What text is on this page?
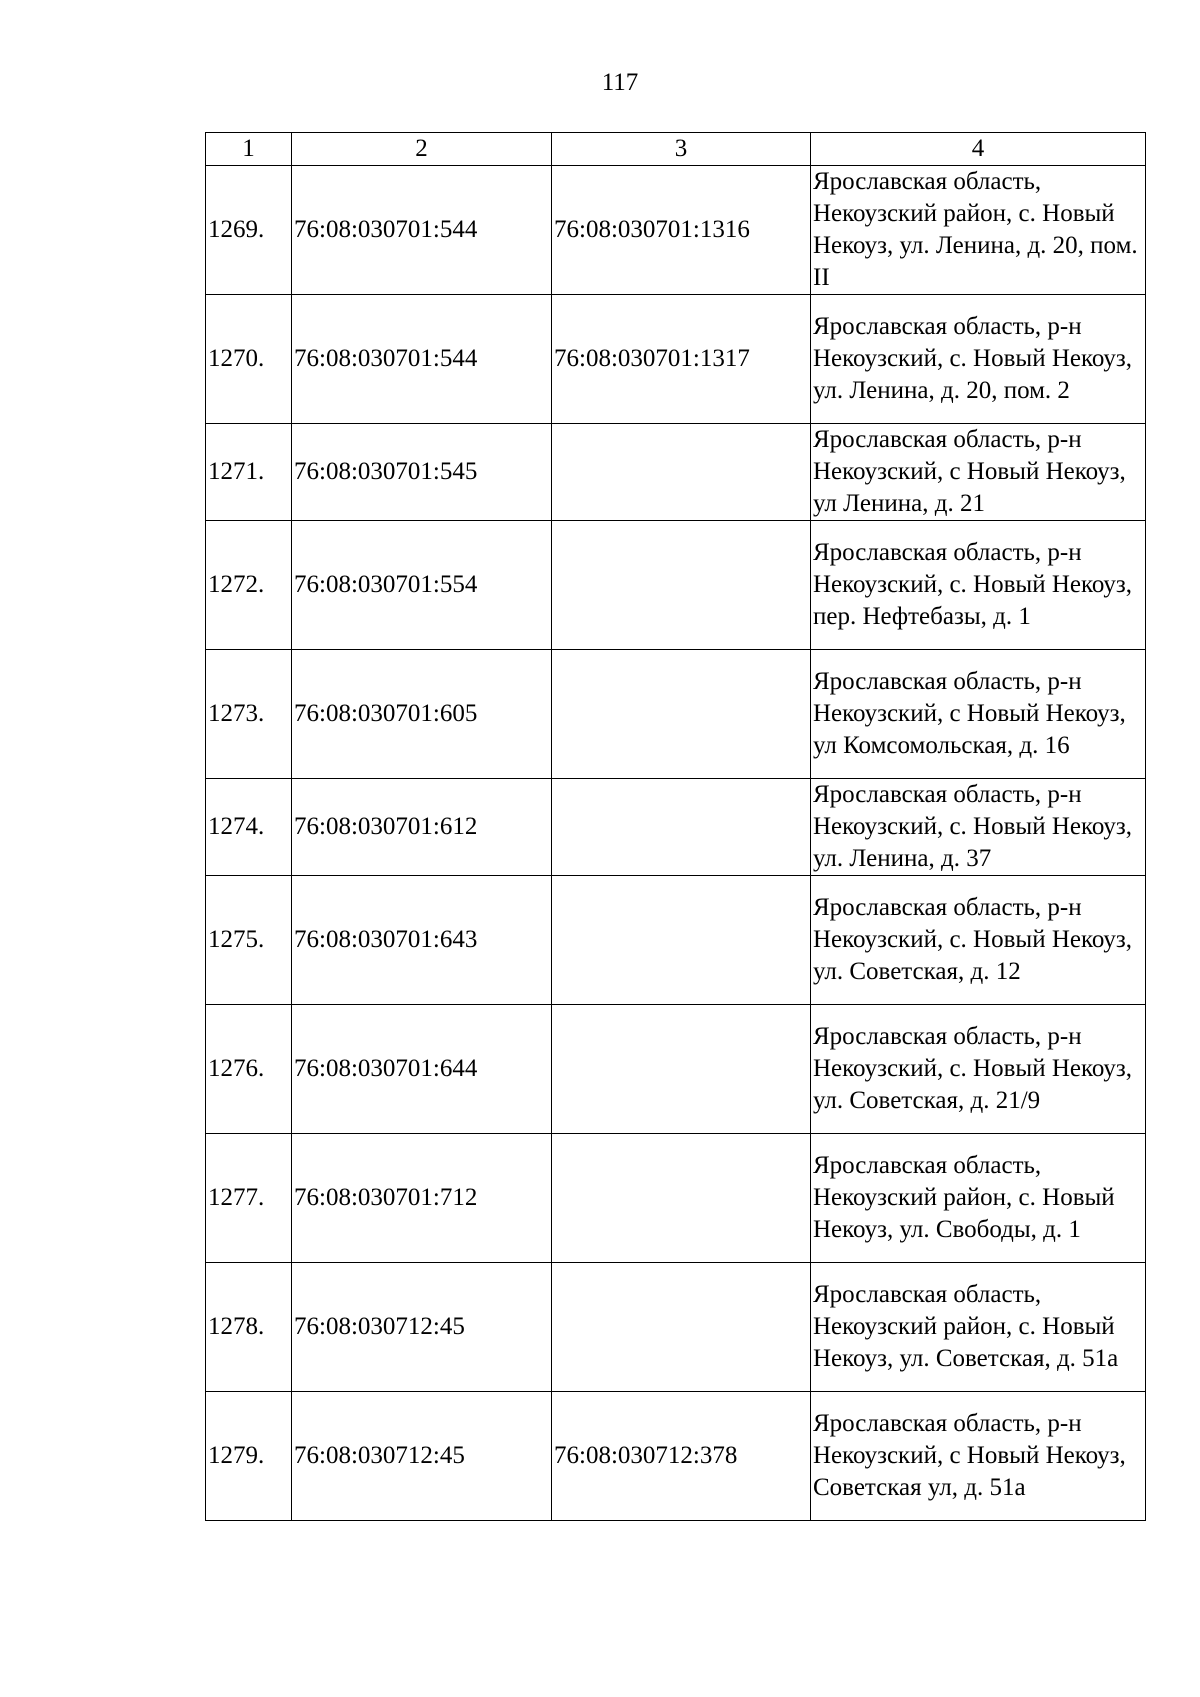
117
1	2	3	4
1269.	76:08:030701:544	76:08:030701:1316	Ярославская область, Некоузский район, с. Новый Некоуз, ул. Ленина, д. 20, пом. II
1270.	76:08:030701:544	76:08:030701:1317	Ярославская область, р-н Некоузский, с. Новый Некоуз, ул. Ленина, д. 20, пом. 2
1271.	76:08:030701:545		Ярославская область, р-н Некоузский, с Новый Некоуз, ул Ленина, д. 21
1272.	76:08:030701:554		Ярославская область, р-н Некоузский, с. Новый Некоуз, пер. Нефтебазы, д. 1
1273.	76:08:030701:605		Ярославская область, р-н Некоузский, с Новый Некоуз, ул Комсомольская, д. 16
1274.	76:08:030701:612		Ярославская область, р-н Некоузский, с. Новый Некоуз, ул. Ленина, д. 37
1275.	76:08:030701:643		Ярославская область, р-н Некоузский, с. Новый Некоуз, ул. Советская, д. 12
1276.	76:08:030701:644		Ярославская область, р-н Некоузский, с. Новый Некоуз, ул. Советская, д. 21/9
1277.	76:08:030701:712		Ярославская область, Некоузский район, с. Новый Некоуз, ул. Свободы, д. 1
1278.	76:08:030712:45		Ярославская область, Некоузский район, с. Новый Некоуз, ул. Советская, д. 51а
1279.	76:08:030712:45	76:08:030712:378	Ярославская область, р-н Некоузский, с Новый Некоуз, Советская ул, д. 51а
